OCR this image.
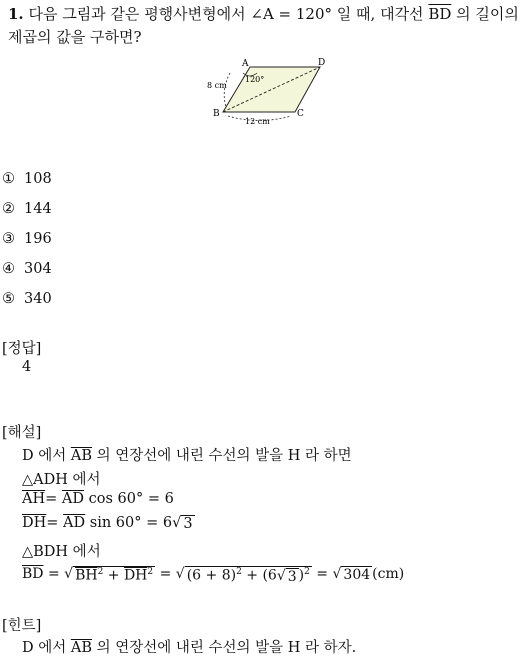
1. 다음 그림과 같은 평행사변형에서 ∠A = 120° 일 때, 대각선 $\overline{BD}$ 의 길이의
제곱의 값을 구하면?
A	D
B	C
120°
8 cm
12 cm
① 108
② 144
③ 196
④ 304
⑤ 340
[정답]
4
[해설]
D 에서 $\overline{AB}$ 의 연장선에 내린 수선의 발을 H 라 하면
△ADH 에서
$\overline{AH}= \overline{AD}$ cos 60° = 6
$\overline{DH}= \overline{AD}$ sin 60° = 6√ 3
△BDH 에서
$\overline{BD}$ = √ $BH^2 + \overline{DH}^2$ = √ $(6 + 8)^2 + (6√$ 3 )$^2$ = √ 304 (cm)
[힌트]
D 에서 $\overline{AB}$ 의 연장선에 내린 수선의 발을 H 라 하자.
